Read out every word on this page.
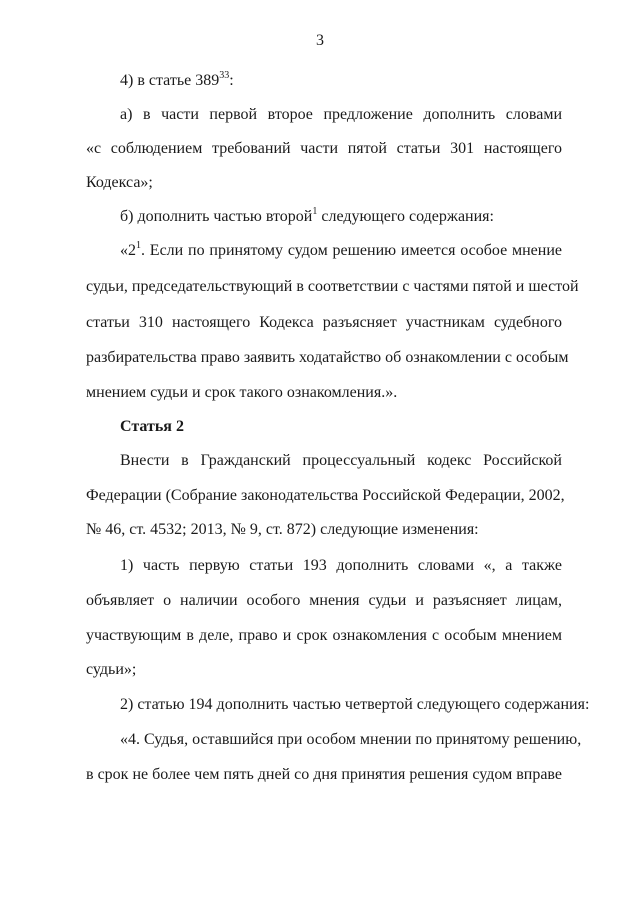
3
4) в статье $389^{33}$:
а) в части первой второе предложение дополнить словами
«с соблюдением требований части пятой статьи 301 настоящего
Кодекса»;
б) дополнить частью второй$^1$ следующего содержания:
«$2^1$. Если по принятому судом решению имеется особое мнение
судьи, председательствующий в соответствии с частями пятой и шестой
статьи 310 настоящего Кодекса разъясняет участникам судебного
разбирательства право заявить ходатайство об ознакомлении с особым
мнением судьи и срок такого ознакомления.».
Статья 2
Внести в Гражданский процессуальный кодекс Российской
Федерации (Собрание законодательства Российской Федерации, 2002,
№ 46, ст. 4532; 2013, № 9, ст. 872) следующие изменения:
1) часть первую статьи 193 дополнить словами «, а также
объявляет о наличии особого мнения судьи и разъясняет лицам,
участвующим в деле, право и срок ознакомления с особым мнением
судьи»;
2) статью 194 дополнить частью четвертой следующего содержания:
«4. Судья, оставшийся при особом мнении по принятому решению,
в срок не более чем пять дней со дня принятия решения судом вправе
